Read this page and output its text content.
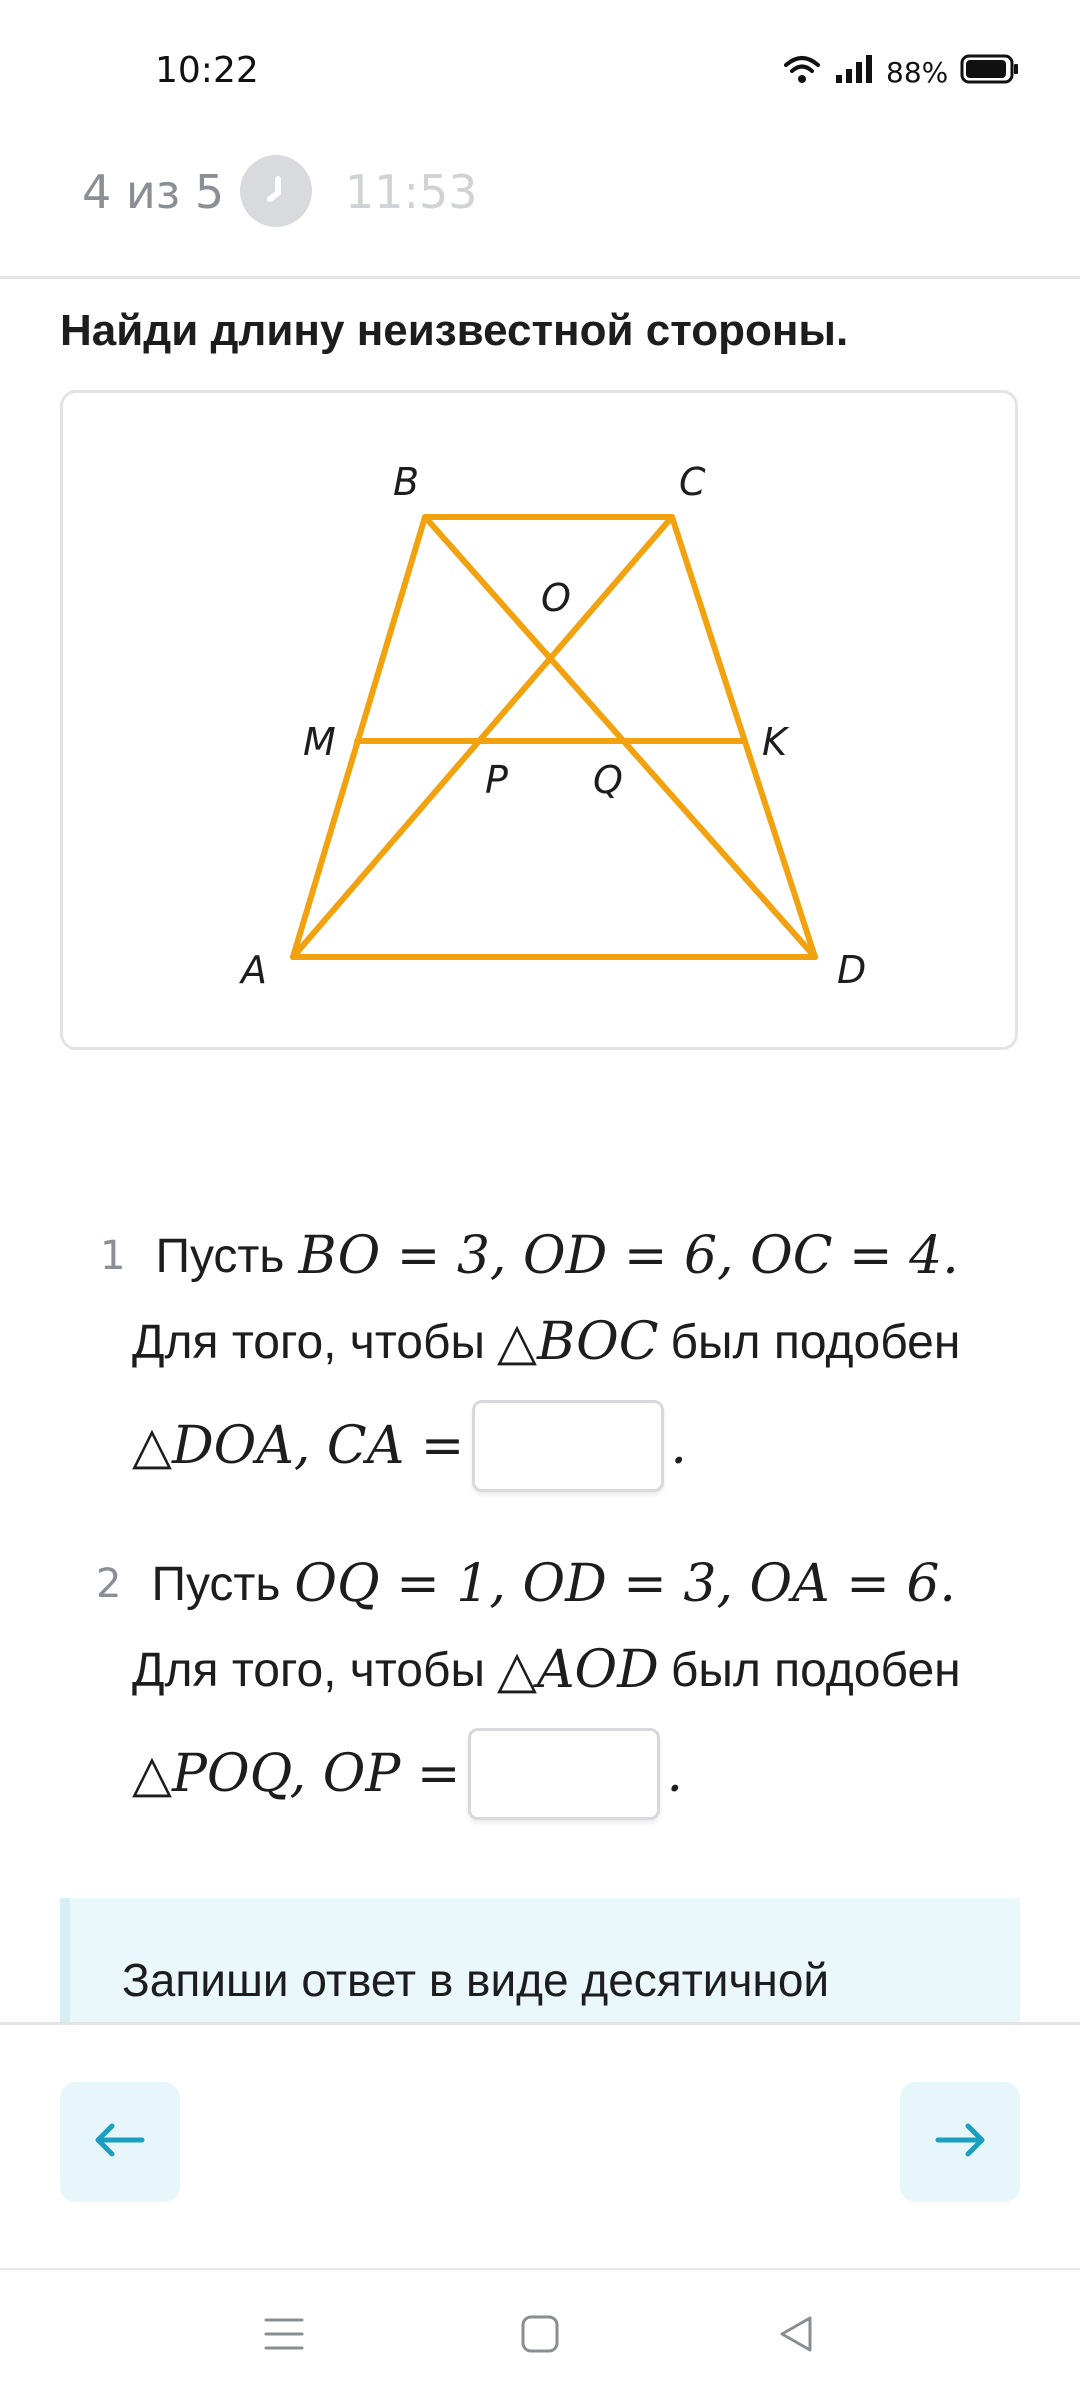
10:22	88%
4 из 5	11:53
Найди длину неизвестной стороны.
B	C
O
M	K
P Q
A	D
1 Пусть BO = 3, OD = 6, OC = 4.
Для того, чтобы △BOC был подобен
△DOA, CA =	.
2 Пусть OQ = 1, OD = 3, OA = 6.
Для того, чтобы △AOD был подобен
△POQ, OP =	.
Запиши ответ в виде десятичной
